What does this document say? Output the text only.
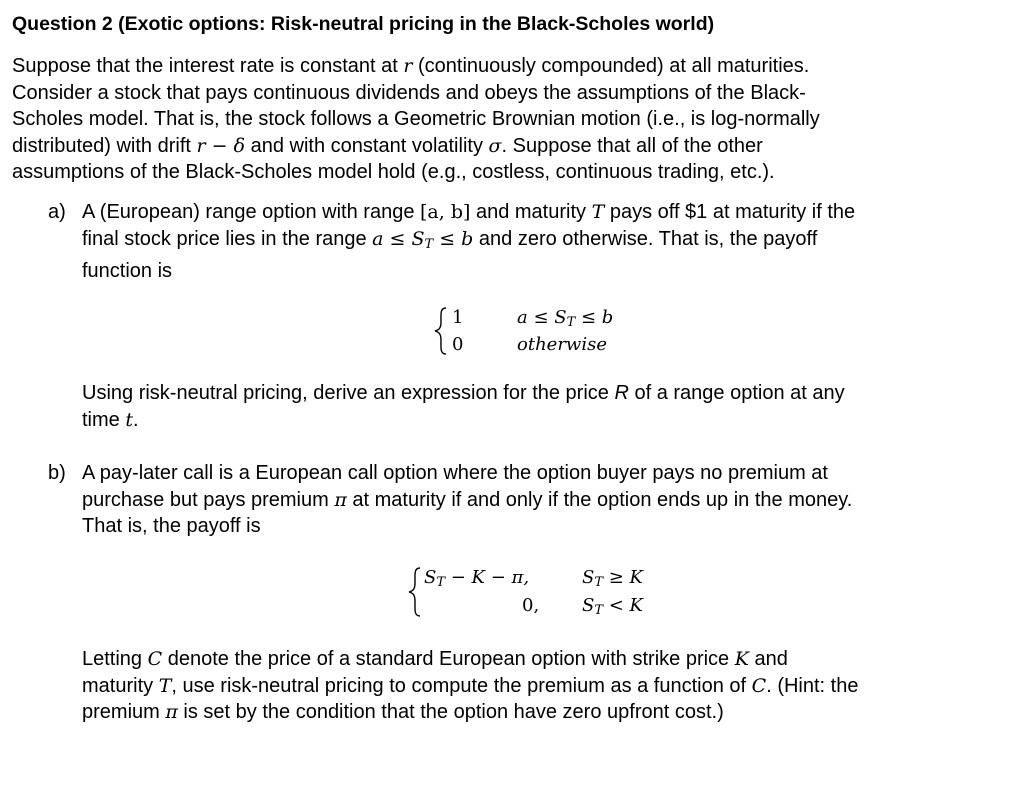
Question 2 (Exotic options: Risk-neutral pricing in the Black-Scholes world)
Suppose that the interest rate is constant at r (continuously compounded) at all maturities.
Consider a stock that pays continuous dividends and obeys the assumptions of the Black-
Scholes model. That is, the stock follows a Geometric Brownian motion (i.e., is log-normally
distributed) with drift r − δ and with constant volatility σ. Suppose that all of the other
assumptions of the Black-Scholes model hold (e.g., costless, continuous trading, etc.).
a) A (European) range option with range [a, b] and maturity T pays off $1 at maturity if the
final stock price lies in the range $a \le S_T \le b$ and zero otherwise. That is, the payoff
function is
1
0
$a \le S_T \le b$
otherwise
Using risk-neutral pricing, derive an expression for the price R of a range option at any
time t.
b) A pay-later call is a European call option where the option buyer pays no premium at
purchase but pays premium π at maturity if and only if the option ends up in the money.
That is, the payoff is
$S_T - K - \pi$,
0,
$S_T \ge K$
$S_T < K$
Letting C denote the price of a standard European option with strike price K and
maturity T, use risk-neutral pricing to compute the premium as a function of C. (Hint: the
premium π is set by the condition that the option have zero upfront cost.)
